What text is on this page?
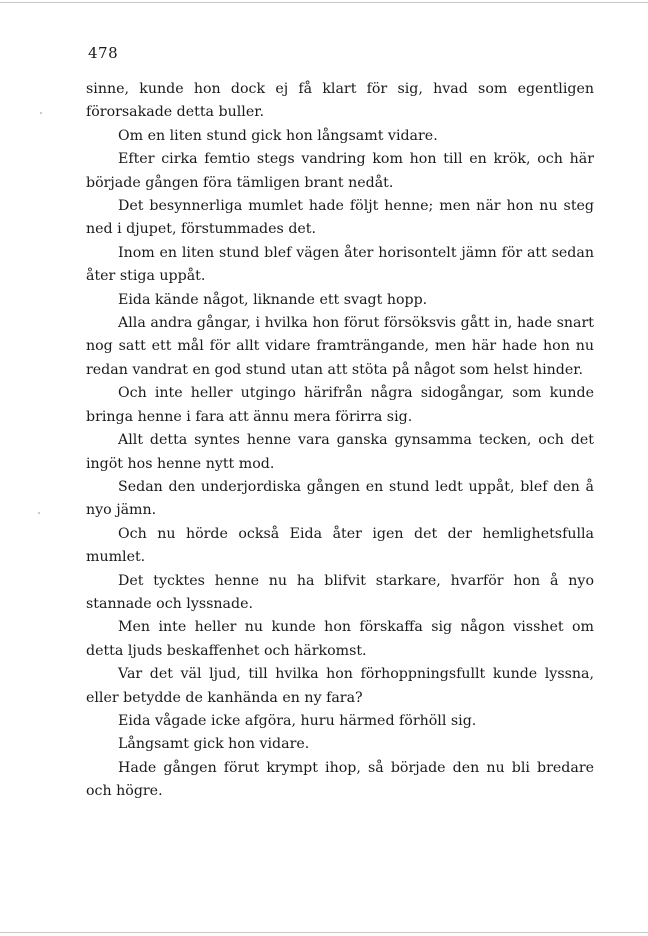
478

sinne, kunde hon dock ej få klart för sig, hvad som egentligen förorsakade detta buller.

Om en liten stund gick hon långsamt vidare.

Efter cirka femtio stegs vandring kom hon till en krök, och här började gången föra tämligen brant nedåt.

Det besynnerliga mumlet hade följt henne; men när hon nu steg ned i djupet, förstummades det.

Inom en liten stund blef vägen åter horisontelt jämn för att sedan åter stiga uppåt.

Eida kände något, liknande ett svagt hopp.

Alla andra gångar, i hvilka hon förut försöksvis gått in, hade snart nog satt ett mål för allt vidare framträngande, men här hade hon nu redan vandrat en god stund utan att stöta på något som helst hinder.

Och inte heller utgingo härifrån några sidogångar, som kunde bringa henne i fara att ännu mera förirra sig.

Allt detta syntes henne vara ganska gynsamma tecken, och det ingöt hos henne nytt mod.

Sedan den underjordiska gången en stund ledt uppåt, blef den å nyo jämn.

Och nu hörde också Eida åter igen det der hemlighetsfulla mumlet.

Det tycktes henne nu ha blifvit starkare, hvarför hon å nyo stannade och lyssnade.

Men inte heller nu kunde hon förskaffa sig någon visshet om detta ljuds beskaffenhet och härkomst.

Var det väl ljud, till hvilka hon förhoppningsfullt kunde lyssna, eller betydde de kanhända en ny fara?

Eida vågade icke afgöra, huru härmed förhöll sig.

Långsamt gick hon vidare.

Hade gången förut krympt ihop, så började den nu bli bredare och högre.
